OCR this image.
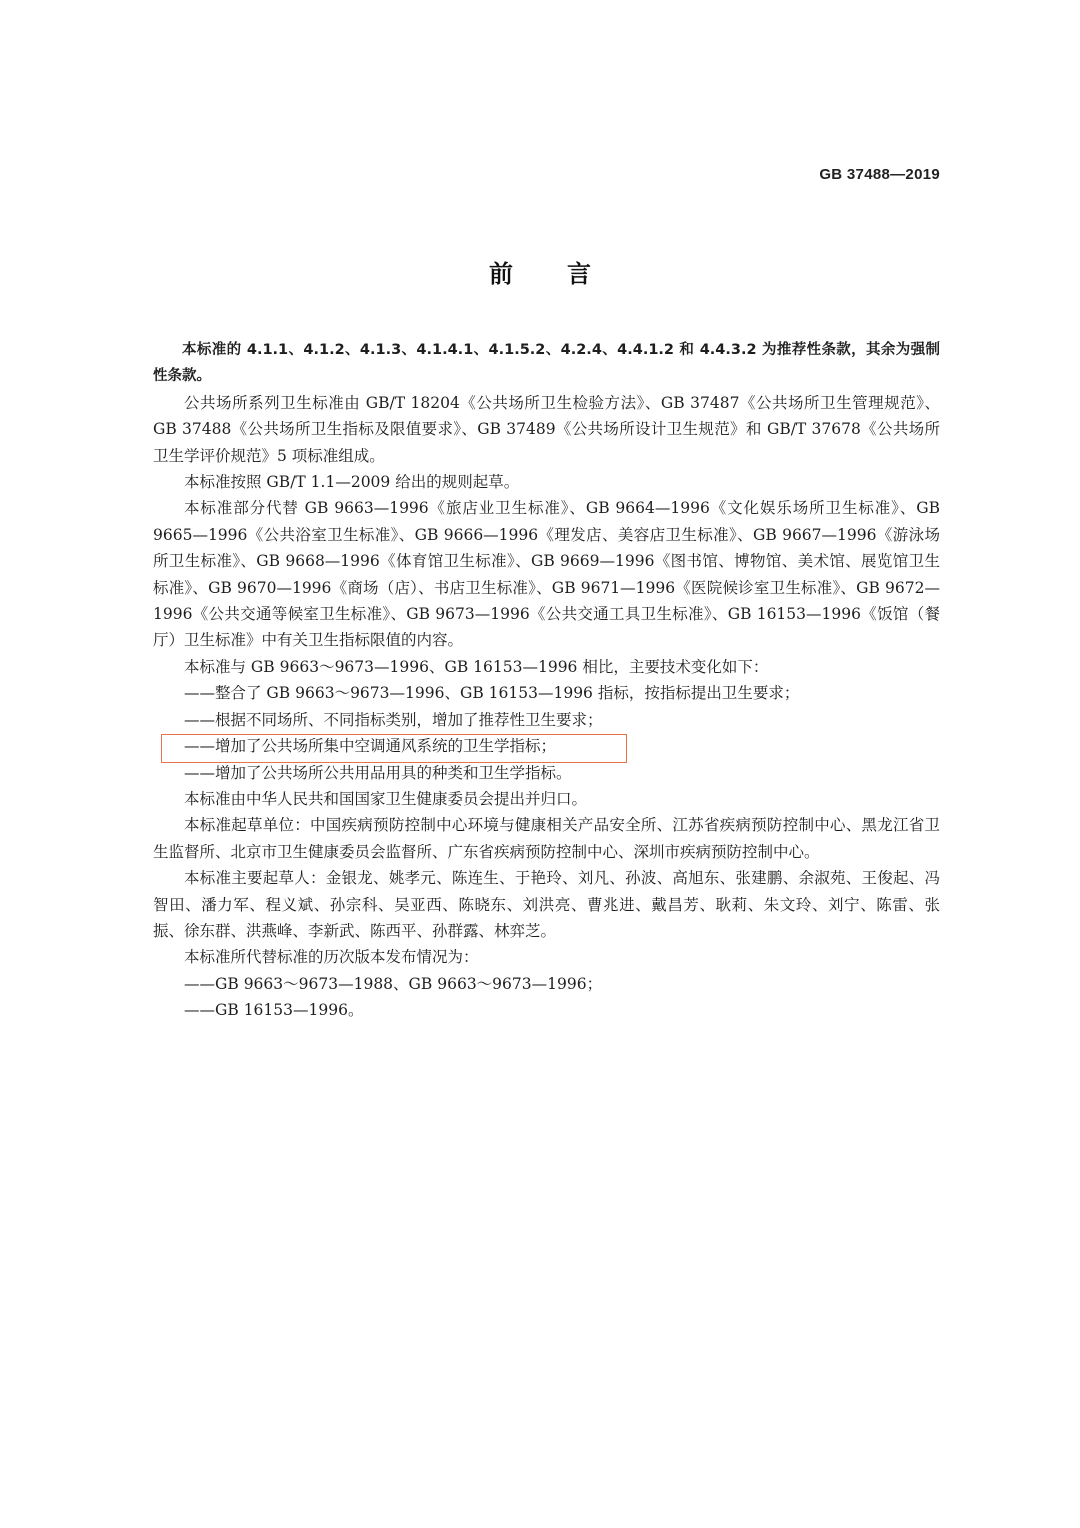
GB 37488—2019
前言

本标准的 4.1.1、4.1.2、4.1.3、4.1.4.1、4.1.5.2、4.2.4、4.4.1.2 和 4.4.3.2 为推荐性条款，其余为强制性条款。

公共场所系列卫生标准由 GB/T 18204《公共场所卫生检验方法》、GB 37487《公共场所卫生管理规范》、GB 37488《公共场所卫生指标及限值要求》、GB 37489《公共场所设计卫生规范》和 GB/T 37678《公共场所卫生学评价规范》5 项标准组成。

本标准按照 GB/T 1.1—2009 给出的规则起草。

本标准部分代替 GB 9663—1996《旅店业卫生标准》、GB 9664—1996《文化娱乐场所卫生标准》、GB 9665—1996《公共浴室卫生标准》、GB 9666—1996《理发店、美容店卫生标准》、GB 9667—1996《游泳场所卫生标准》、GB 9668—1996《体育馆卫生标准》、GB 9669—1996《图书馆、博物馆、美术馆、展览馆卫生标准》、GB 9670—1996《商场（店）、书店卫生标准》、GB 9671—1996《医院候诊室卫生标准》、GB 9672—1996《公共交通等候室卫生标准》、GB 9673—1996《公共交通工具卫生标准》、GB 16153—1996《饭馆（餐厅）卫生标准》中有关卫生指标限值的内容。

本标准与 GB 9663～9673—1996、GB 16153—1996 相比，主要技术变化如下：

——整合了 GB 9663～9673—1996、GB 16153—1996 指标，按指标提出卫生要求；

——根据不同场所、不同指标类别，增加了推荐性卫生要求；

——增加了公共场所集中空调通风系统的卫生学指标；

——增加了公共场所公共用品用具的种类和卫生学指标。

本标准由中华人民共和国国家卫生健康委员会提出并归口。

本标准起草单位：中国疾病预防控制中心环境与健康相关产品安全所、江苏省疾病预防控制中心、黑龙江省卫生监督所、北京市卫生健康委员会监督所、广东省疾病预防控制中心、深圳市疾病预防控制中心。

本标准主要起草人：金银龙、姚孝元、陈连生、于艳玲、刘凡、孙波、高旭东、张建鹏、余淑苑、王俊起、冯智田、潘力军、程义斌、孙宗科、吴亚西、陈晓东、刘洪亮、曹兆进、戴昌芳、耿莉、朱文玲、刘宁、陈雷、张振、徐东群、洪燕峰、李新武、陈西平、孙群露、林弈芝。

本标准所代替标准的历次版本发布情况为：

——GB 9663～9673—1988、GB 9663～9673—1996；

——GB 16153—1996。
